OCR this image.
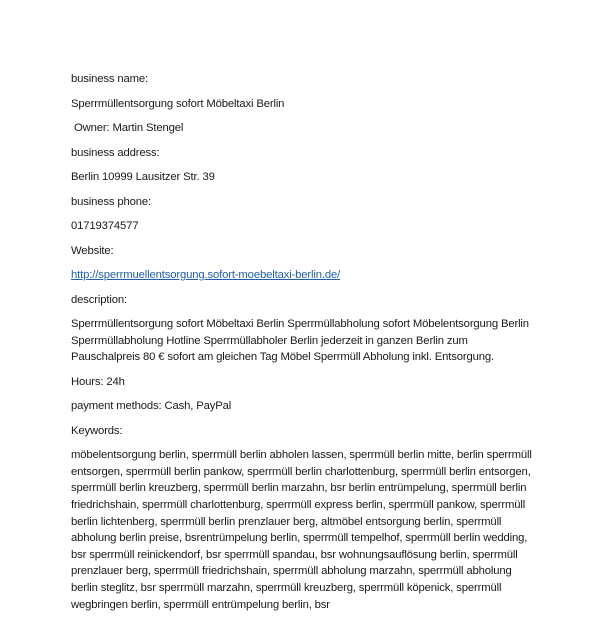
business name:
Sperrmüllentsorgung sofort Möbeltaxi Berlin
Owner: Martin Stengel
business address:
Berlin 10999 Lausitzer Str. 39
business phone:
01719374577
Website:
http://sperrmuellentsorgung.sofort-moebeltaxi-berlin.de/
description:
Sperrmüllentsorgung sofort Möbeltaxi Berlin Sperrmüllabholung sofort Möbelentsorgung Berlin Sperrmüllabholung Hotline Sperrmüllabholer Berlin jederzeit in ganzen Berlin zum Pauschalpreis 80 € sofort am gleichen Tag Möbel Sperrmüll Abholung inkl. Entsorgung.
Hours: 24h
payment methods: Cash, PayPal
Keywords:
möbelentsorgung berlin, sperrmüll berlin abholen lassen, sperrmüll berlin mitte, berlin sperrmüll entsorgen, sperrmüll berlin pankow, sperrmüll berlin charlottenburg, sperrmüll berlin entsorgen, sperrmüll berlin kreuzberg, sperrmüll berlin marzahn, bsr berlin entrümpelung, sperrmüll berlin friedrichshain, sperrmüll charlottenburg, sperrmüll express berlin, sperrmüll pankow, sperrmüll berlin lichtenberg, sperrmüll berlin prenzlauer berg, altmöbel entsorgung berlin, sperrmüll abholung berlin preise, bsrentrümpelung berlin, sperrmüll tempelhof, sperrmüll berlin wedding, bsr sperrmüll reinickendorf, bsr sperrmüll spandau, bsr wohnungsauflösung berlin, sperrmüll prenzlauer berg, sperrmüll friedrichshain, sperrmüll abholung marzahn, sperrmüll abholung berlin steglitz, bsr sperrmüll marzahn, sperrmüll kreuzberg, sperrmüll köpenick, sperrmüll wegbringen berlin, sperrmüll entrümpelung berlin, bsr
